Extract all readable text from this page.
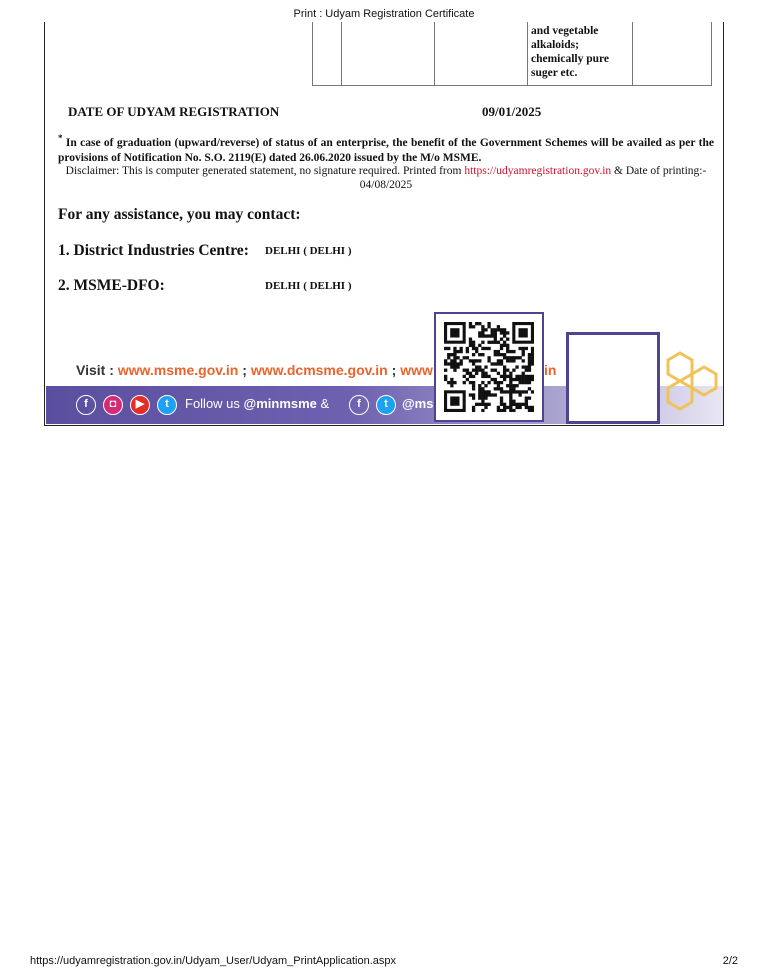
Print : Udyam Registration Certificate

and vegetable
alkaloids;
chemically pure
suger etc.

DATE OF UDYAM REGISTRATION	09/01/2025
* In case of graduation (upward/reverse) of status of an enterprise, the benefit of the Government Schemes will be availed as per the provisions of Notification No. S.O. 2119(E) dated 26.06.2020 issued by the M/o MSME.
Disclaimer: This is computer generated statement, no signature required. Printed from https://udyamregistration.gov.in & Date of printing:-
04/08/2025
For any assistance, you may contact:
1. District Industries Centre: DELHI ( DELHI )
2. MSME-DFO:	DELHI ( DELHI )
Visit : www.msme.gov.in ; www.dcmsme.gov.in ; www	in
f	◘	▶	t	Follow us @minmsme &	f	t	@ms
https://udyamregistration.gov.in/Udyam_User/Udyam_PrintApplication.aspx	2/2
